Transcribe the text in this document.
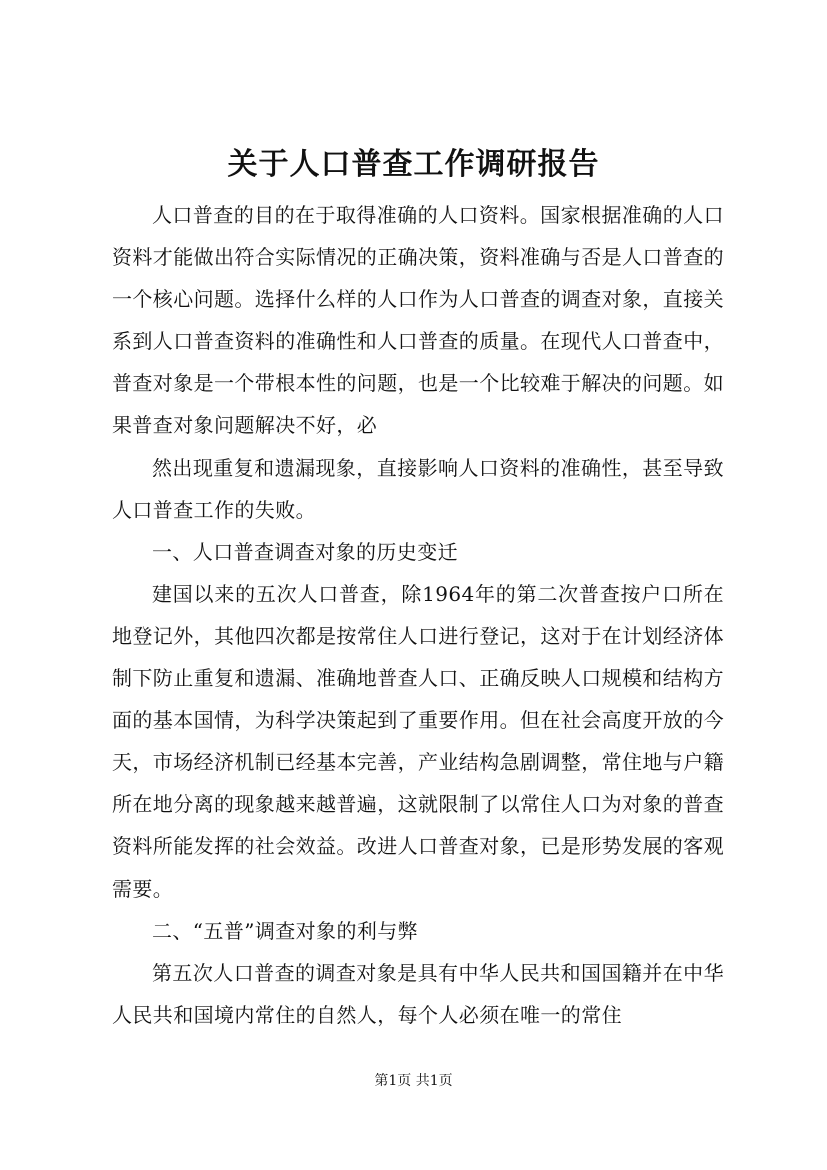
关于人口普查工作调研报告

人口普查的目的在于取得准确的人口资料。国家根据准确的人口资料才能做出符合实际情况的正确决策，资料准确与否是人口普查的一个核心问题。选择什么样的人口作为人口普查的调查对象，直接关系到人口普查资料的准确性和人口普查的质量。在现代人口普查中，普查对象是一个带根本性的问题，也是一个比较难于解决的问题。如果普查对象问题解决不好，必

然出现重复和遗漏现象，直接影响人口资料的准确性，甚至导致人口普查工作的失败。

一、人口普查调查对象的历史变迁

建国以来的五次人口普查，除1964年的第二次普查按户口所在地登记外，其他四次都是按常住人口进行登记，这对于在计划经济体制下防止重复和遗漏、准确地普查人口、正确反映人口规模和结构方面的基本国情，为科学决策起到了重要作用。但在社会高度开放的今天，市场经济机制已经基本完善，产业结构急剧调整，常住地与户籍所在地分离的现象越来越普遍，这就限制了以常住人口为对象的普查资料所能发挥的社会效益。改进人口普查对象，已是形势发展的客观需要。

二、“五普”调查对象的利与弊

第五次人口普查的调查对象是具有中华人民共和国国籍并在中华人民共和国境内常住的自然人，每个人必须在唯一的常住

第1页 共1页
